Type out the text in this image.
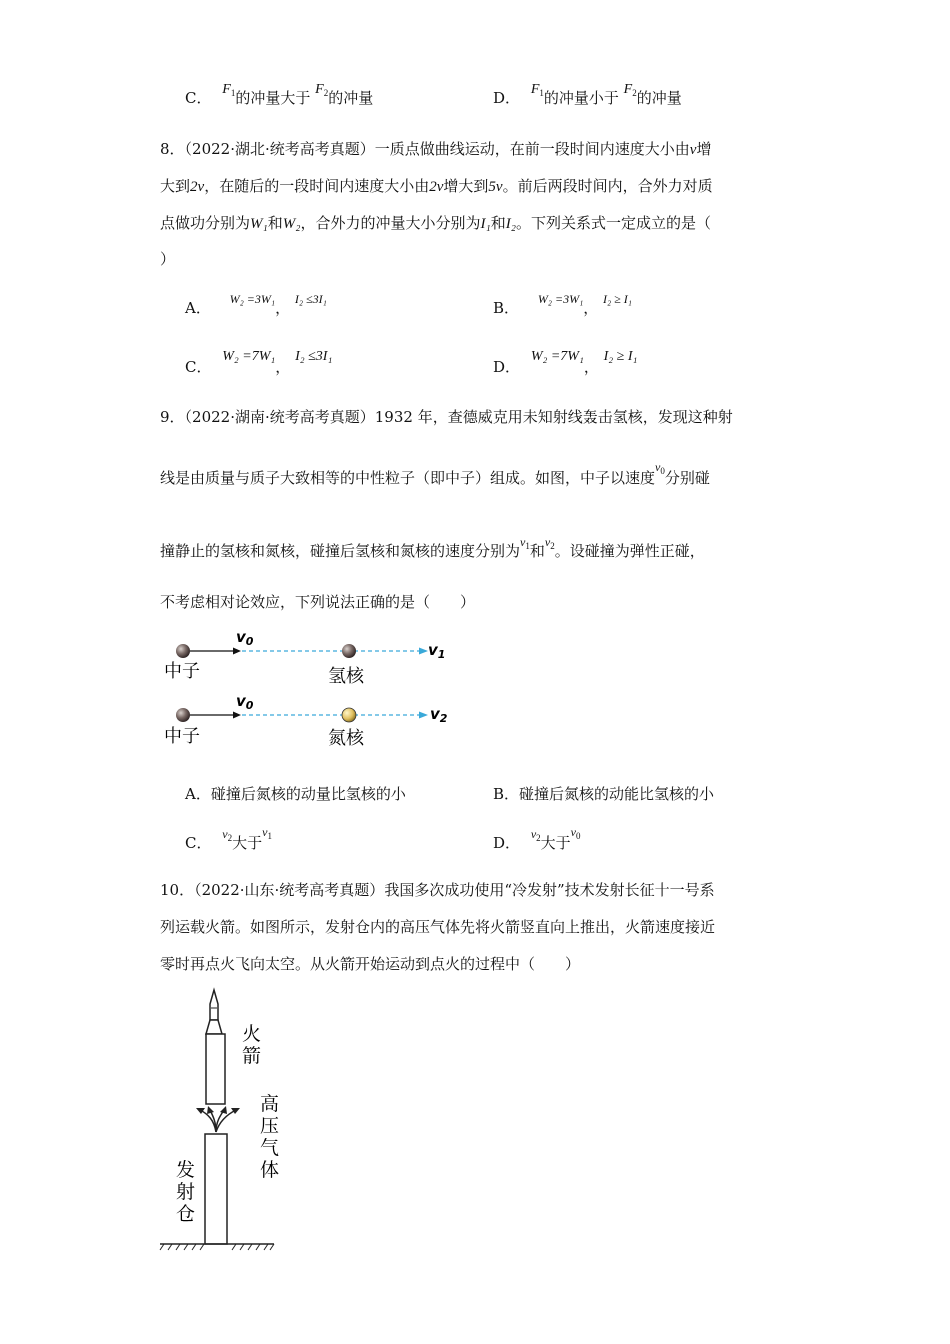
C． $F_1$的冲量大于 $F_2$的冲量	D． $F_1$的冲量小于 $F_2$的冲量
8．（2022·湖北·统考高考真题）一质点做曲线运动，在前一段时间内速度大小由v增
大到2v，在随后的一段时间内速度大小由2v增大到5v。前后两段时间内，合外力对质
点做功分别为W₁和W₂，合外力的冲量大小分别为I₁和I₂。下列关系式一定成立的是（
）
A． $^{W_2 =3W_1}$， $^{I_2 \le 3I_1}$	B． $^{W_2 =3W_1}$， $^{I_2 \ge I_1}$
C． W₂ =7W₁， I₂ ≤3I₁
D． W₂ =7W₁， I₂ ≥ I₁
9．（2022·湖南·统考高考真题）1932 年，查德威克用未知射线轰击氢核，发现这种射
线是由质量与质子大致相等的中性粒子（即中子）组成。如图，中子以速度$^{v_0}$分别碰
撞静止的氢核和氮核，碰撞后氢核和氮核的速度分别为$^{v_1}$和$^{v_2}$。设碰撞为弹性正碰，
不考虑相对论效应，下列说法正确的是（　　）
$v_0$	$v_1$
中子	氢核
$v_0$	$v_2$
中子	氮核
A．碰撞后氮核的动量比氢核的小	B．碰撞后氮核的动能比氢核的小
C． $^{v_2}$大于$^{v_1}$	D． $^{v_2}$大于$^{v_0}$
10．（2022·山东·统考高考真题）我国多次成功使用“冷发射”技术发射长征十一号系
列运载火箭。如图所示，发射仓内的高压气体先将火箭竖直向上推出，火箭速度接近
零时再点火飞向太空。从火箭开始运动到点火的过程中（　　）
火
箭
高
压
气
体
发
射
仓
